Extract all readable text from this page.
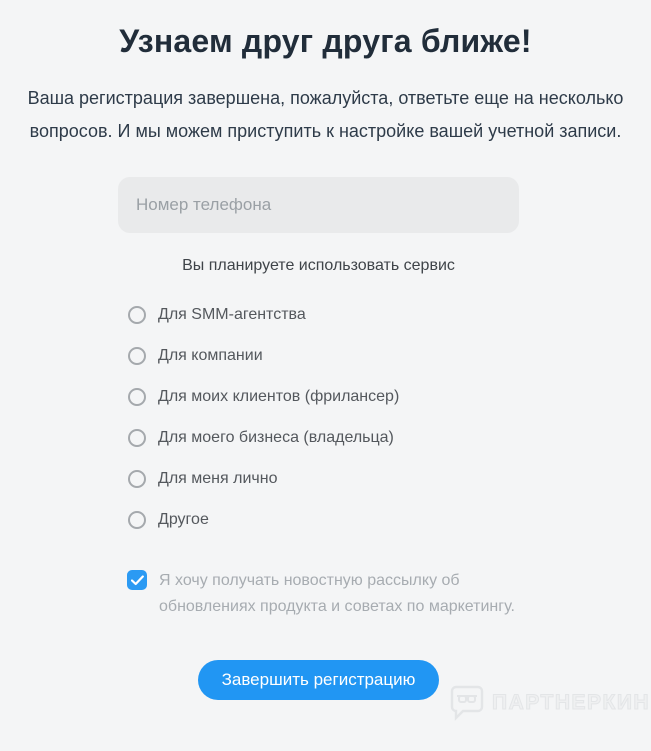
Узнаем друг друга ближе!

Ваша регистрация завершена, пожалуйста, ответьте еще на несколько вопросов. И мы можем приступить к настройке вашей учетной записи.

Номер телефона
Вы планируете использовать сервис
Для SMM-агентства
Для компании
Для моих клиентов (фрилансер)
Для моего бизнеса (владельца)
Для меня лично
Другое
Я хочу получать новостную рассылку об обновлениях продукта и советах по маркетингу.
Завершить регистрацию
ПАРТНЕРКИН
